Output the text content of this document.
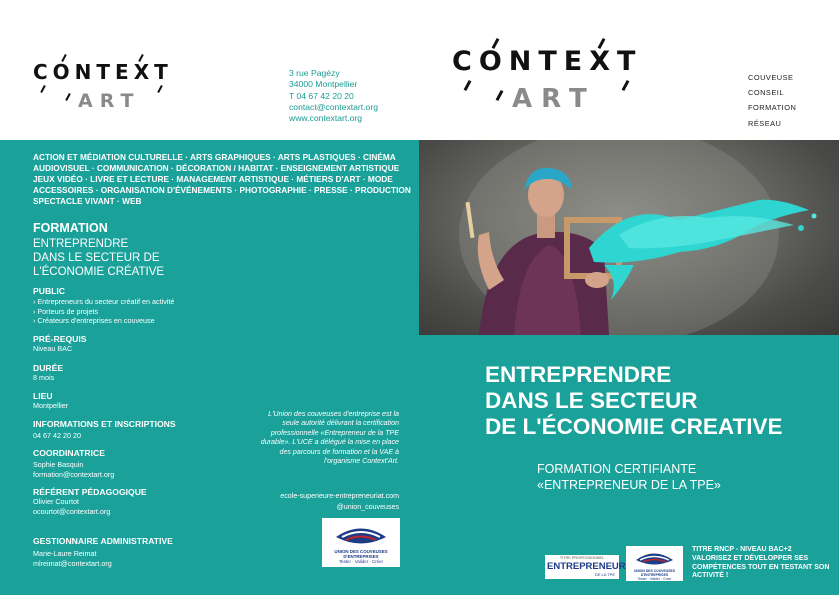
CONTEXT
ART
3 rue Pagézy
34000 Montpellier
T 04 67 42 20 20
contact@contextart.org
www.contextart.org
CONTEXT
ART
COUVEUSE
CONSEIL
FORMATION
RÉSEAU
ACTION ET MÉDIATION CULTURELLE · ARTS GRAPHIQUES · ARTS PLASTIQUES · CINÉMA AUDIOVISUEL · COMMUNICATION · DÉCORATION / HABITAT · ENSEIGNEMENT ARTISTIQUE JEUX VIDÉO · LIVRE ET LECTURE · MANAGEMENT ARTISTIQUE · MÉTIERS D'ART · MODE ACCESSOIRES · ORGANISATION D'ÉVÉNEMENTS · PHOTOGRAPHIE · PRESSE · PRODUCTION SPECTACLE VIVANT · WEB
FORMATION
ENTREPRENDRE
DANS LE SECTEUR DE
L'ÉCONOMIE CRÉATIVE
PUBLIC
› Entrepreneurs du secteur créatif en activité
› Porteurs de projets
› Créateurs d'entreprises en couveuse
PRÉ-REQUIS
Niveau BAC
DURÉE
8 mois
LIEU
Montpellier
INFORMATIONS ET INSCRIPTIONS
04 67 42 20 20
COORDINATRICE
Sophie Basquin
formation@contextart.org
RÉFÉRENT PÉDAGOGIQUE
Olivier Courtot
ocourtot@contextart.org
GESTIONNAIRE ADMINISTRATIVE
Marie-Laure Reimat
mlreimat@contextart.org
L'Union des couveuses d'entreprise est la seule autorité délivrant la certification professionnelle «Entrepreneur de la TPE durable». L'UCE a délégué la mise en place des parcours de formation et la VAE à l'organisme Context'Art.
ecole-superieure-entrepreneuriat.com
@union_couveuses
UNION DES COUVEUSES D'ENTREPRISES
Tester · Valider · Créer
ENTREPRENDRE
DANS LE SECTEUR
DE L'ÉCONOMIE CREATIVE
FORMATION CERTIFIANTE
«ENTREPRENEUR DE LA TPE»
TITRE PROFESSIONNEL
ENTREPRENEUR
DE LA TPE
UNION DES COUVEUSES D'ENTREPRISES
Tester · Valider · Créer
TITRE RNCP - NIVEAU BAC+2 VALORISEZ ET DÉVELOPPER SES COMPÉTENCES TOUT EN TESTANT SON ACTIVITÉ !
